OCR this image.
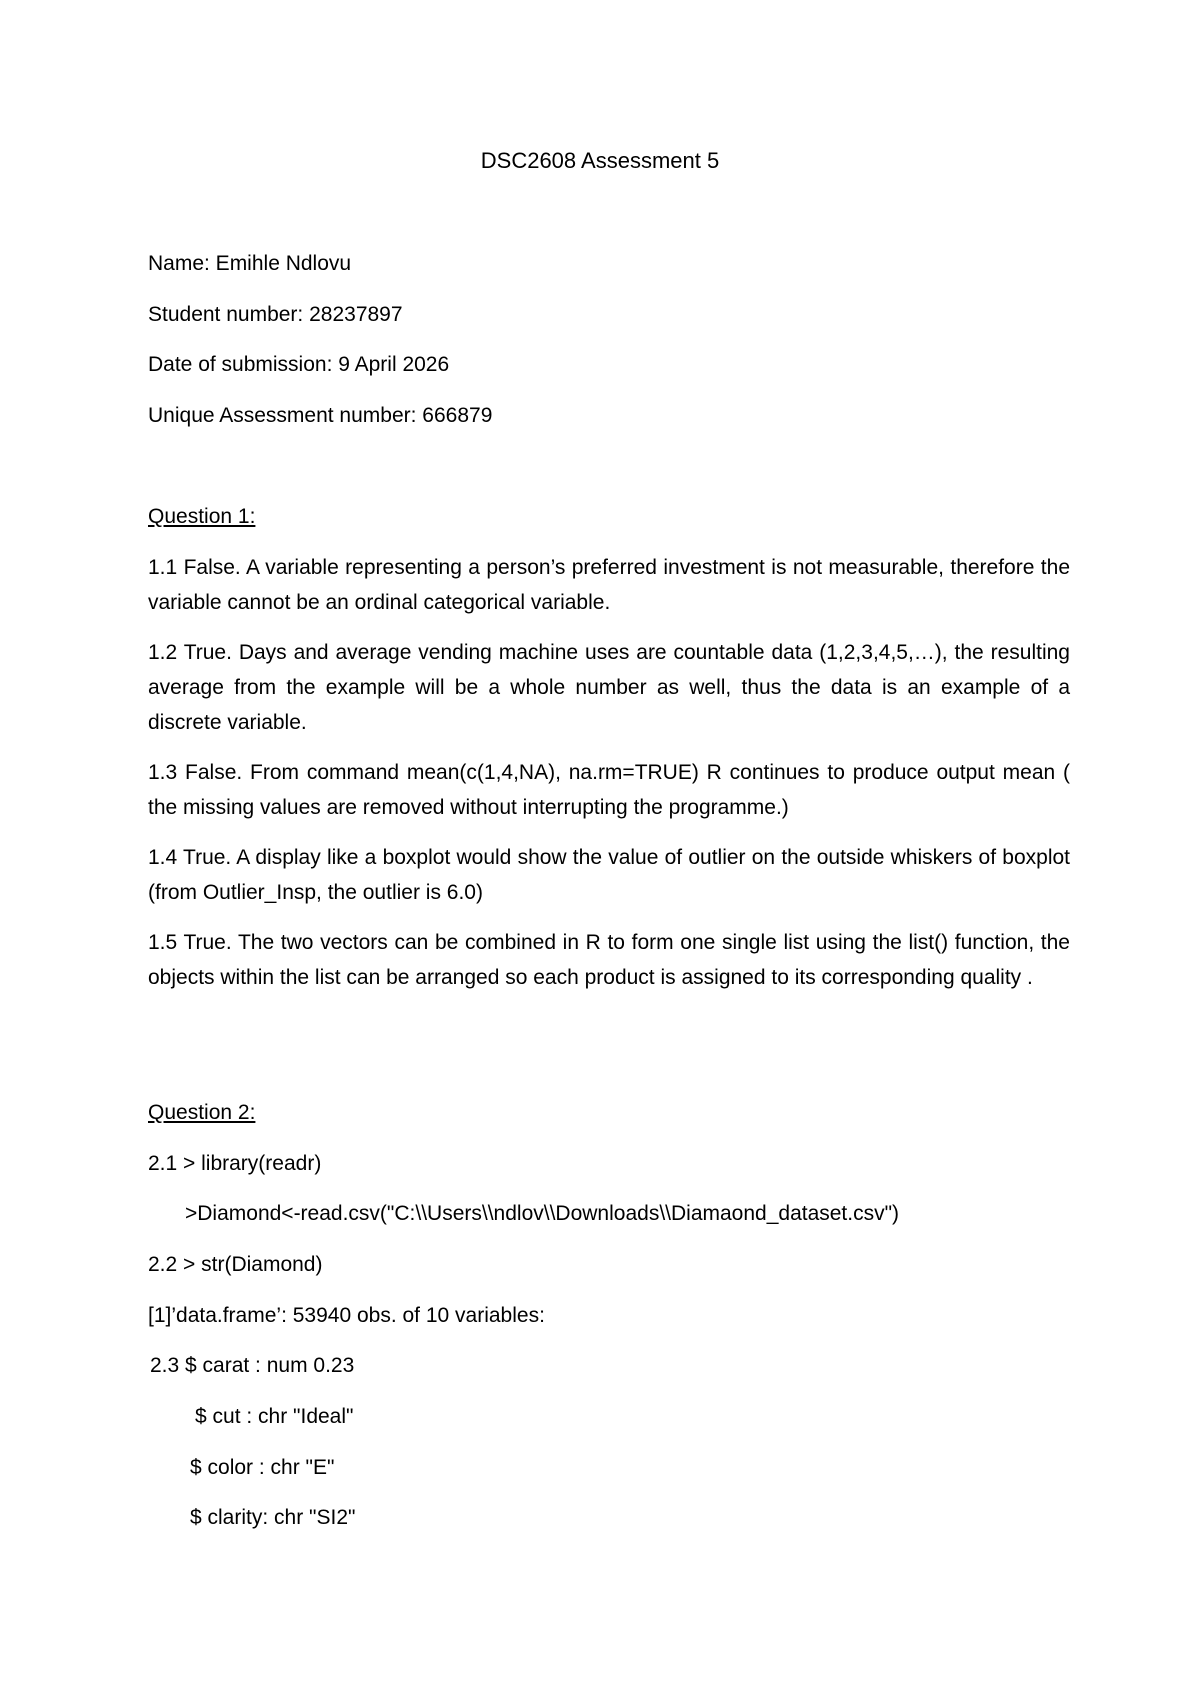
DSC2608 Assessment 5
Name: Emihle Ndlovu
Student number: 28237897
Date of submission: 9 April 2026
Unique Assessment number: 666879
Question 1:
1.1 False. A variable representing a person’s preferred investment is not measurable, therefore the variable cannot be an ordinal categorical variable.
1.2 True. Days and average vending machine uses are countable data (1,2,3,4,5,…), the resulting average from the example will be a whole number as well, thus the data is an example of a discrete variable.
1.3 False. From command mean(c(1,4,NA), na.rm=TRUE) R continues to produce output mean ( the missing values are removed without interrupting the programme.)
1.4 True. A display like a boxplot would show the value of outlier on the outside whiskers of boxplot (from Outlier_Insp, the outlier is 6.0)
1.5 True. The two vectors can be combined in R to form one single list using the list() function, the objects within the list can be arranged so each product is assigned to its corresponding quality .
Question 2:
2.1 > library(readr)
>Diamond<-read.csv("C:\\Users\\ndlov\\Downloads\\Diamaond_dataset.csv")
2.2 > str(Diamond)
[1]’data.frame’: 53940 obs. of 10 variables:
2.3 $ carat : num 0.23
$ cut : chr "Ideal"
$ color : chr "E"
$ clarity: chr "SI2"
